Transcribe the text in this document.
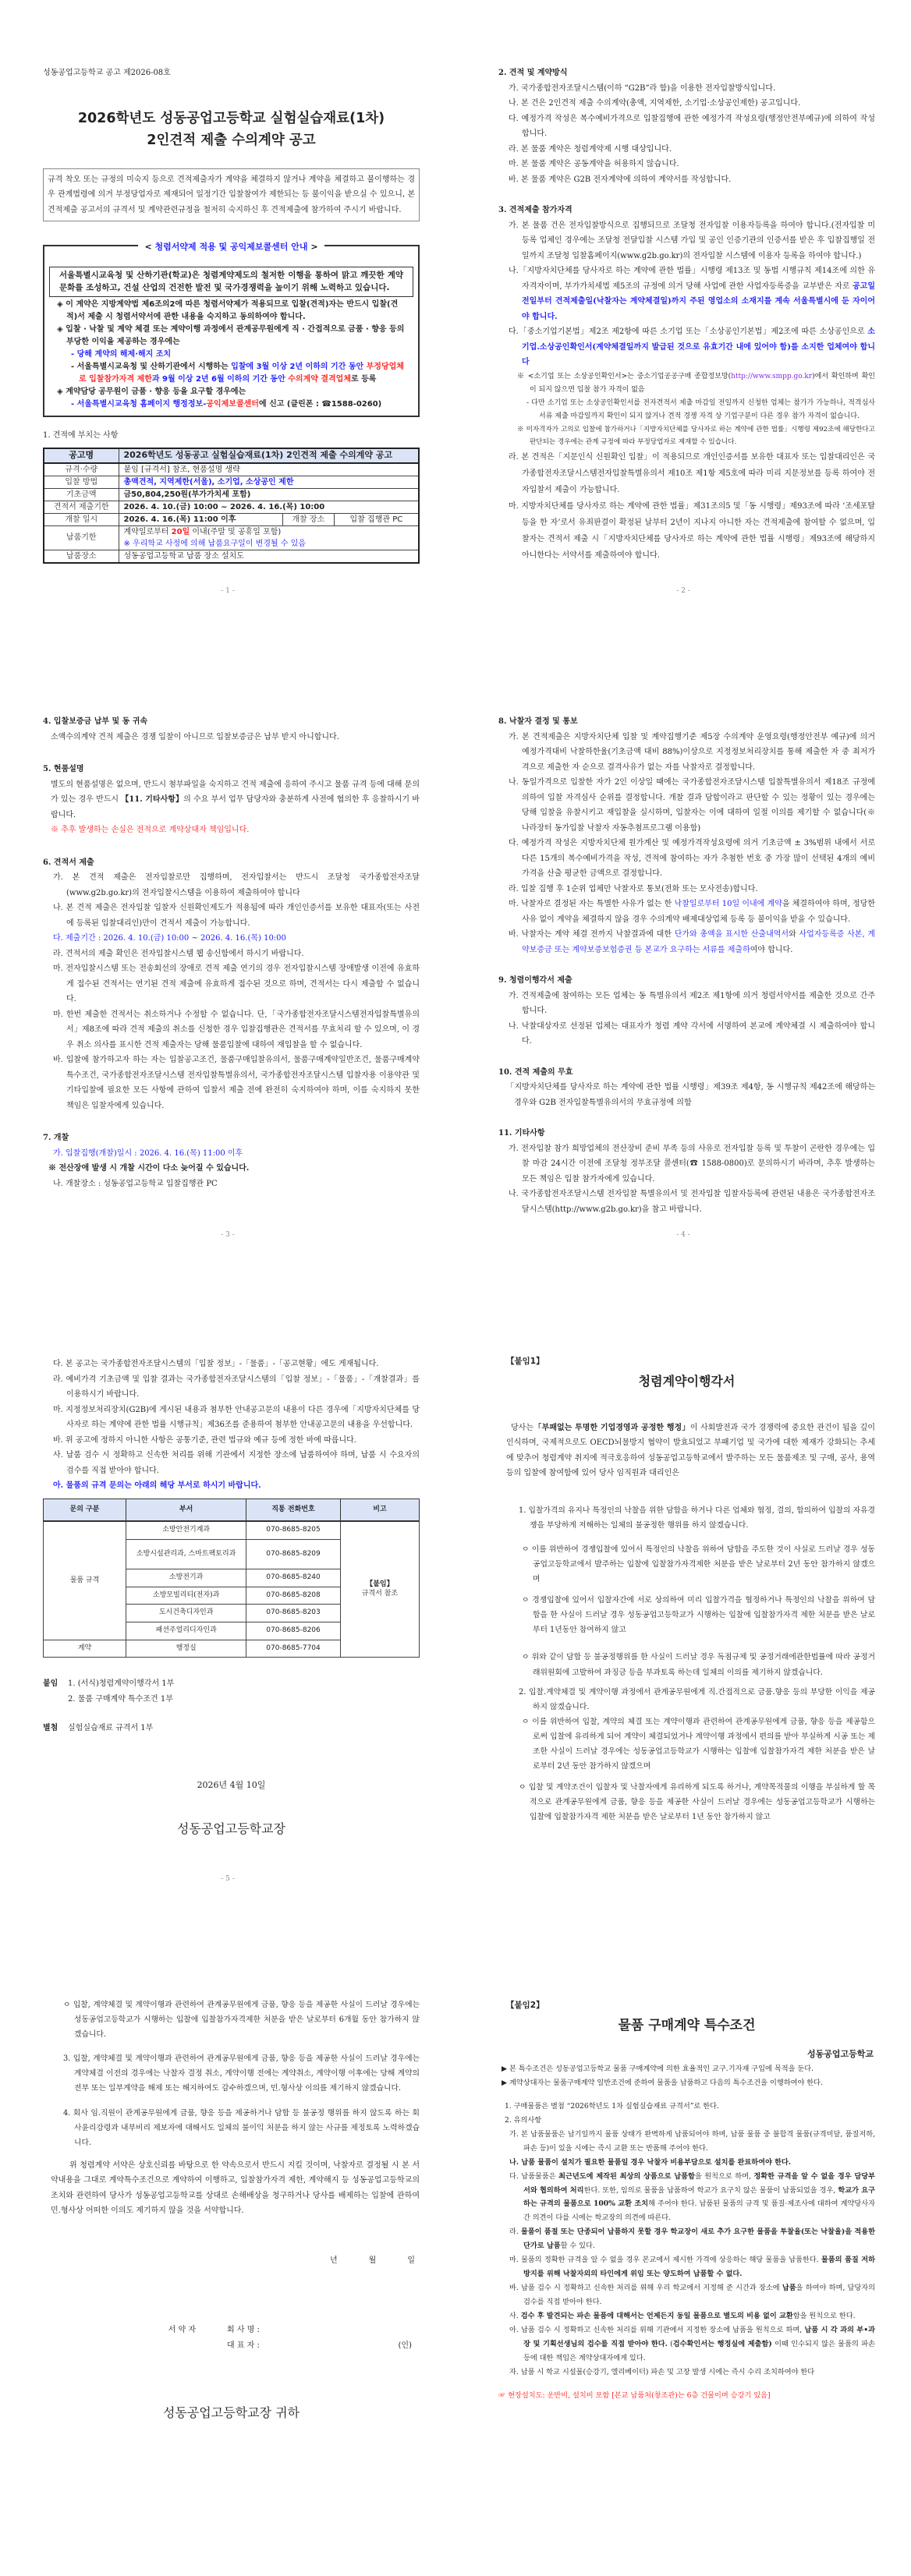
성동공업고등학교 공고 제2026-08호
2026학년도 성동공업고등학교 실험실습재료(1차)
2인견적 제출 수의계약 공고
규격 착오 또는 규정의 미숙지 등으로 견적제출자가 계약을 체결하지 않거나 계약을 체결하고 불이행하는 경우 관계법령에 의거 부정당업자로 제재되어 일정기간 입찰참여가 제한되는 등 불이익을 받으실 수 있으니, 본 견적제출 공고서의 규격서 및 계약관련규정을 철저히 숙지하신 후 견적제출에 참가하여 주시기 바랍니다.
< 청렴서약제 적용 및 공익제보콜센터 안내 >
서울특별시교육청 및 산하기관(학교)은 청렴계약제도의 철저한 이행을 통하여 맑고 깨끗한 계약문화를 조성하고, 건설 산업의 건전한 발전 및 국가경쟁력을 높이기 위해 노력하고 있습니다.
◈ 이 계약은 지방계약법 제6조의2에 따른 청렴서약제가 적용되므로 입찰(견적)자는 반드시 입찰(견적)서 제출 시 청렴서약서에 관한 내용을 숙지하고 동의하여야 합니다.
◈ 입찰 · 낙찰 및 계약 체결 또는 계약이행 과정에서 관계공무원에게 직 · 간접적으로 금품 · 향응 등의 부당한 이익을 제공하는 경우에는
- 당해 계약의 해제·해지 조치
- 서울특별시교육청 및 산하기관에서 시행하는 입찰에 3월 이상 2년 이하의 기간 동안 부정당업체로 입찰참가자격 제한과 9월 이상 2년 6월 이하의 기간 동안 수의계약 결격업체로 등록
◈ 계약담당 공무원이 금품 · 향응 등을 요구할 경우에는
- 서울특별시교육청 홈페이지 행정정보-공익제보콜센터에 신고 (클린폰 : ☎1588-0260)
1. 견적에 부치는 사항
공고명	2026학년도 성동공고 실험실습재료(1차) 2인견적 제출 수의계약 공고		
규격·수량	붙임 [규격서] 참조, 현품설명 생략		
입찰 방법	총액견적, 지역제한(서울), 소기업, 소상공인 제한		
기초금액	금50,804,250원(부가가치세 포함)		
견적서 제출기한	2026. 4. 10.(금) 10:00 ~ 2026. 4. 16.(목) 10:00		
개찰 일시	2026. 4. 16.(목) 11:00 이후	개찰 장소	입찰 집행관 PC
납품기한	계약일로부터 20일 이내(주말 및 공휴일 포함)
※ 우리학교 사정에 의해 납품요구일이 변경될 수 있음		

납품장소	성동공업고등학교 납품 장소 설치도		
- 1 -
2. 견적 및 계약방식
가. 국가종합전자조달시스템(이하 “G2B”라 함)을 이용한 전자입찰방식입니다.
나. 본 건은 2인견적 제출 수의계약(총액, 지역제한, 소기업·소상공인제한) 공고입니다.
다. 예정가격 작성은 복수예비가격으로 입찰집행에 관한 예정가격 작성요령(행정안전부예규)에 의하여 작성합니다.
라. 본 물품 계약은 청렴계약제 시행 대상입니다.
마. 본 물품 계약은 공동계약을 허용하지 않습니다.
바. 본 물품 계약은 G2B 전자계약에 의하여 계약서를 작성합니다.
3. 견적제출 참가자격
가. 본 물품 건은 전자입찰방식으로 집행되므로 조달청 전자입찰 이용자등록을 하여야 합니다.(전자입찰 미등록 업체인 경우에는 조달청 전달입찰 시스템 가입 및 공인 인증기관의 인증서를 받은 후 입찰집행일 전일까지 조달청 입찰홈페이지(www.g2b.go.kr)의 전자입찰 시스템에 이용자 등록을 하여야 합니다.)
나.「지방자치단체를 당사자로 하는 계약에 관한 법률」시행령 제13조 및 동법 시행규칙 제14조에 의한 유자격자이며, 부가가치세법 제5조의 규정에 의거 당해 사업에 관한 사업자등록증을 교부받은 자로 공고일 전일부터 견적제출일(낙찰자는 계약체결일)까지 주된 영업소의 소재지를 계속 서울특별시에 둔 자이어야 합니다.
다.「중소기업기본법」제2조 제2항에 따른 소기업 또는「소상공인기본법」제2조에 따른 소상공인으로 소기업.소상공인확인서(계약체결일까지 발급된 것으로 유효기간 내에 있어야 함)를 소지한 업체여야 합니다
※ <소기업 또는 소상공인확인서>는 중소기업공공구매 종합정보망(http://www.smpp.go.kr)에서 확인하며 확인이 되지 않으면 입찰 참가 자격이 없음
- 다만 소기업 또는 소상공인확인서를 전자견적서 제출 마감일 전일까지 신청한 업체는 참가가 가능하나, 적격심사 서류 제출 마감일까지 확인이 되지 않거나 견적 경쟁 자격 상 기업구분이 다른 경우 참가 자격이 없습니다.
※ 미자격자가 고의로 입찰에 참가하거나「지방자치단체를 당사자로 하는 계약에 관한 법률」시행령 제92조에 해당한다고 판단되는 경우에는 관계 규정에 따라 부정당업자로 제재할 수 있습니다.
라. 본 견적은「지문인식 신원확인 입찰」이 적용되므로 개인인증서를 보유한 대표자 또는 입찰대리인은 국가종합전자조달시스템전자입찰특별유의서 제10조 제1항 제5호에 따라 미리 지문정보를 등록 하여야 전자입찰서 제출이 가능합니다.
마. 지방자치단체를 당사자로 하는 계약에 관한 법률」제31조의5 및「동 시행령」제93조에 따라 ‘조세포탈 등을 한 자’로서 유죄판결이 확정된 날부터 2년이 지나지 아니한 자는 견적제출에 참여할 수 없으며, 입찰자는 견적서 제출 시「지방자치단체를 당사자로 하는 계약에 관한 법률 시행령」제93조에 해당하지 아니한다는 서약서를 제출하여야 합니다.
- 2 -
4. 입찰보증금 납부 및 동 귀속
소액수의계약 견적 제출은 경쟁 입찰이 아니므로 입찰보증금은 납부 받지 아니합니다.
5. 현품설명
별도의 현품설명은 없으며, 반드시 첨부파일을 숙지하고 견적 제출에 응하여 주시고 물품 규격 등에 대해 문의가 있는 경우 반드시 【11. 기타사항】의 수요 부서 업무 담당자와 충분하게 사전에 협의한 후 응찰하시기 바랍니다.
※ 추후 발생하는 손실은 전적으로 계약상대자 책임입니다.
6. 견적서 제출
가. 본 견적 제출은 전자입찰로만 집행하며, 전자입찰서는 반드시 조달청 국가종합전자조달(www.g2b.go.kr)의 전자입찰시스템을 이용하여 제출하여야 합니다
나. 본 견적 제출은 전자입찰 입찰자 신원확인제도가 적용됨에 따라 개인인증서를 보유한 대표자(또는 사전에 등록된 입찰대리인)만이 견적서 제출이 가능합니다.
다. 제출기간 : 2026. 4. 10.(금) 10:00 ~ 2026. 4. 16.(목) 10:00
라. 견적서의 제출 확인은 전자입찰시스템 웹 송신함에서 하시기 바랍니다.
마. 전자입찰시스템 또는 전송회선의 장애로 견적 제출 연기의 경우 전자입찰시스템 장애발생 이전에 유효하게 접수된 견적서는 연기된 견적 제출에 유효하게 접수된 것으로 하며, 견적서는 다시 제출할 수 없습니다.
마. 한번 제출한 견적서는 취소하거나 수정할 수 없습니다. 단,「국가종합전자조달시스템전자입찰특별유의서」제8조에 따라 견적 제출의 취소를 신청한 경우 입찰집행관은 견적서를 무효처리 할 수 있으며, 이 경우 취소 의사를 표시한 견적 제출자는 당해 물품입찰에 대하여 재입찰을 할 수 없습니다.
바. 입찰에 참가하고자 하는 자는 입찰공고조건, 물품구매입찰유의서, 물품구매계약일반조건, 물품구매계약특수조건, 국가종합전자조달시스템 전자입찰특별유의서, 국가종합전자조달시스템 입찰자용 이용약관 및 기타입찰에 필요한 모든 사항에 관하여 입찰서 제출 전에 완전히 숙지하여야 하며, 이를 숙지하지 못한 책임은 입찰자에게 있습니다.
7. 개찰
가. 입찰집행(개찰)일시 : 2026. 4. 16.(목) 11:00 이후
※ 전산장애 발생 시 개찰 시간이 다소 늦어질 수 있습니다.
나. 개찰장소 : 성동공업고등학교 입찰집행관 PC
- 3 -
8. 낙찰자 결정 및 통보
가. 본 견적제출은 지방자치단체 입찰 및 계약집행기준 제5장 수의계약 운영요령(행정안전부 예규)에 의거 예정가격대비 낙찰하한율(기초금액 대비 88%)이상으로 지정정보처리장치를 통해 제출한 자 중 최저가격으로 제출한 자 순으로 결격사유가 없는 자를 낙찰자로 결정합니다.
나. 동일가격으로 입찰한 자가 2인 이상일 때에는 국가종합전자조달시스템 입찰특별유의서 제18조 규정에 의하여 입찰 자격심사 순위를 결정합니다. 개찰 결과 담합이라고 판단할 수 있는 정황이 있는 경우에는 당해 입찰을 유찰시키고 재입찰을 실시하며, 입찰자는 이에 대하여 일절 이의를 제기할 수 없습니다(※ 나라장터 동가입찰 낙찰자 자동추첨프로그램 이용함)
다. 예정가격 작성은 지방자치단체 원가계산 및 예정가격작성요령에 의거 기초금액 ± 3%범위 내에서 서로 다른 15개의 복수예비가격을 작성, 견적에 참여하는 자가 추첨한 번호 중 가장 많이 선택된 4개의 예비가격을 산출 평균한 금액으로 결정합니다.
라. 입찰 집행 후 1순위 업체만 낙찰자로 통보(전화 또는 모사전송)합니다.
마. 낙찰자로 결정된 자는 특별한 사유가 없는 한 낙찰일로부터 10일 이내에 계약을 체결하여야 하며, 정당한 사유 없이 계약을 체결하지 않을 경우 수의계약 배제대상업체 등록 등 불이익을 받을 수 있습니다.
바. 낙찰자는 계약 체결 전까지 낙찰결과에 대한 단가와 총액을 표시한 산출내역서와 사업자등록증 사본, 계약보증금 또는 계약보증보험증권 등 본교가 요구하는 서류를 제출하여야 합니다.
9. 청렴이행각서 제출
가. 견적제출에 참여하는 모든 업체는 동 특별유의서 제2조 제1항에 의거 청렴서약서를 제출한 것으로 간주합니다.
나. 낙찰대상자로 선정된 업체는 대표자가 청렴 계약 각서에 서명하여 본교에 계약체결 시 제출하여야 합니다.
10. 견적 제출의 무효
「지방자치단체를 당사자로 하는 계약에 관한 법률 시행령」제39조 제4항, 동 시행규칙 제42조에 해당하는 경우와 G2B 전자입찰특별유의서의 무효규정에 의함
11. 기타사항
가. 전자입찰 참가 희망업체의 전산장비 준비 부족 등의 사유로 전자입찰 등록 및 투찰이 곤란한 경우에는 입찰 마감 24시간 이전에 조달청 정부조달 콜센터(☎ 1588-0800)로 문의하시기 바라며, 추후 발생하는 모든 책임은 입찰 참가자에게 있습니다.
나. 국가종합전자조달시스템 전자입찰 특별유의서 및 전자입찰 입찰자등록에 관련된 내용은 국가종합전자조달시스템(http://www.g2b.go.kr)을 참고 바랍니다.
- 4 -
다. 본 공고는 국가종합전자조달시스템의「입찰 정보」-「물품」-「공고현황」에도 게재됩니다.
라. 예비가격 기초금액 및 입찰 결과는 국가종합전자조달시스템의「입찰 정보」-「물품」-「개찰결과」를 이용하시기 바랍니다.
마. 지정정보처리장치(G2B)에 게시된 내용과 첨부한 안내공고문의 내용이 다른 경우에「지방자치단체를 당사자로 하는 계약에 관한 법률 시행규칙」제36조를 준용하여 첨부한 안내공고문의 내용을 우선합니다.
바. 위 공고에 정하지 아니한 사항은 공통기준, 관련 법규와 예규 등에 정한 바에 따릅니다.
사. 납품 검수 시 정확하고 신속한 처리를 위해 기관에서 지정한 장소에 납품하여야 하며, 납품 시 수요자의 검수를 직접 받아야 합니다.
아. 물품의 규격 문의는 아래의 해당 부서로 하시기 바랍니다.
문의 구분	부서	직통 전화번호	비고
물품 규격	소방안전기계과	070-8685-8205	【붙임】
규격서 참조

	소방시설관리과, 스마트팩토리과	070-8685-8209	
	소방전기과	070-8685-8240	
	소방모빌리티(전자)과	070-8685-8208	
	도시건축디자인과	070-8685-8203	
	패션주얼리디자인과	070-8685-8206	
계약	행정실	070-8685-7704	
붙임	1. (서식)청렴계약이행각서 1부
2. 물품 구매계약 특수조건 1부
별첨	실험실습재료 규격서 1부
2026년 4월 10일
성동공업고등학교장
- 5 -
【붙임1】
청렴계약이행각서
당사는「부패없는 투명한 기업경영과 공정한 행정」이 사회발전과 국가 경쟁력에 중요한 관건이 됨을 깊이 인식하며, 국제적으로도 OECD뇌물방지 협약이 발효되었고 부패기업 및 국가에 대한 제재가 강화되는 추세에 맞추어 청렴계약 취지에 적극호응하여 성동공업고등학교에서 발주하는 모든 물품제조 및 구매, 공사, 용역 등의 입찰에 참여함에 있어 당사 임직원과 대리인은
1. 입찰가격의 유지나 특정인의 낙찰을 위한 담합을 하거나 다른 업체와 협정, 결의, 합의하여 입찰의 자유경쟁을 부당하게 저해하는 일체의 불공정한 행위를 하지 않겠습니다.
ㅇ 이를 위반하여 경쟁입찰에 있어서 특정인의 낙찰을 위하여 담합을 주도한 것이 사실로 드러날 경우 성동공업고등학교에서 발주하는 입찰에 입찰참가자격제한 처분을 받은 날로부터 2년 동안 참가하지 않겠으며
ㅇ 경쟁입찰에 있어서 입찰자간에 서로 상의하여 미리 입찰가격을 협정하거나 특정인의 낙찰을 위하여 담합을 한 사실이 드러날 경우 성동공업고등학교가 시행하는 입찰에 입찰참가자격 제한 처분을 받은 날로부터 1년동안 참여하지 않고
ㅇ 위와 같이 담합 등 불공정행위를 한 사실이 드러날 경우 독점규제 및 공정거래에관한법률에 따라 공정거래위원회에 고발하여 과징금 등을 부과토록 하는데 일체의 이의를 제기하지 않겠습니다.
2. 입찰.계약체결 및 계약이행 과정에서 관계공무원에게 직.간접적으로 금품.향응 등의 부당한 이익을 제공하지 않겠습니다.
ㅇ 이를 위반하여 입찰, 계약의 체결 또는 계약이행과 관련하여 관계공무원에게 금품, 향응 등을 제공함으로써 입찰에 유리하게 되어 계약이 체결되었거나 계약이행 과정에서 편의를 받아 부실하게 시공 또는 제조한 사실이 드러날 경우에는 성동공업고등학교가 시행하는 입찰에 입찰참가자격 제한 처분을 받은 날로부터 2년 동안 참가하지 않겠으며
ㅇ 입찰 및 계약조건이 입찰자 및 낙찰자에게 유리하게 되도록 하거나, 계약목적물의 이행을 부실하게 할 목적으로 관계공무원에게 금품, 향응 등을 제공한 사실이 드러날 경우에는 성동공업고등학교가 시행하는 입찰에 입찰참가자격 제한 처분을 받은 날로부터 1년 동안 참가하지 않고
ㅇ 입찰, 계약체결 및 계약이행과 관련하여 관계공무원에게 금품, 향응 등을 제공한 사실이 드러날 경우에는 성동공업고등학교가 시행하는 입찰에 입찰참가자격제한 처분을 받은 날로부터 6개월 동안 참가하지 않겠습니다.
3. 입찰, 계약체결 및 계약이행과 관련하여 관계공무원에게 금품, 향응 등을 제공한 사실이 드러날 경우에는 계약체결 이전의 경우에는 낙찰자 결정 취소, 계약이행 전에는 계약취소, 계약이행 이후에는 당해 계약의 전부 또는 일부계약을 해제 또는 해지하여도 감수하겠으며, 민.형사상 이의를 제기하지 않겠습니다.
4. 회사 임.직원이 관계공무원에게 금품, 향응 등을 제공하거나 담합 등 불공정 행위를 하지 않도록 하는 회사윤리강령과 내부비리 제보자에 대해서도 일체의 불이익 처분을 하지 않는 사규를 제정토록 노력하겠습니다.
위 청렴계약 서약은 상호신뢰를 바탕으로 한 약속으로서 반드시 지킬 것이며, 낙찰자로 결정될 시 본 서약내용을 그대로 계약특수조건으로 계약하여 이행하고, 입찰참가자격 제한, 계약해지 등 성동공업고등학교의 조치와 관련하여 당사가 성동공업고등학교를 상대로 손해배상을 청구하거나 당사를 배제하는 입찰에 관하여 민.형사상 어떠한 이의도 제기하지 않을 것을 서약합니다.
년	월	일
서 약 자	회 사 명 :
대 표 자 :	(인)
성동공업고등학교장 귀하
【붙임2】
물품 구매계약 특수조건
성동공업고등학교
▶ 본 특수조건은 성동공업고등학교 물품 구매계약에 의한 효율적인 교구.기자재 구입에 목적을 둔다.
▶ 계약상대자는 물품구매계약 일반조건에 준하여 물품을 납품하고 다음의 특수조건을 이행하여야 한다.
1. 구매물품은 별첨 “2026학년도 1차 실험실습재료 규격서”로 한다.
2. 유의사항
가. 본 납품물품은 납기일까지 물품 상태가 완벽하게 납품되어야 하며, 납품 물품 중 불합격 물품(규격미달, 품질저하, 파손 등)이 있을 시에는 즉시 교환 또는 반품해 주어야 한다.
나. 납품 물품이 설치가 필요한 물품일 경우 낙찰자 비용부담으로 설치를 완료하여야 한다.
다. 납품물품은 최근년도에 제작된 최상의 상품으로 납품함을 원칙으로 하며, 정확한 규격을 알 수 없을 경우 담당부서와 협의하여 처리한다. 또한, 임의로 물품을 납품하여 학교가 요구치 않은 물품이 납품되었을 경우, 학교가 요구하는 규격의 물품으로 100% 교환 조치해 주어야 한다. 납품된 물품의 규격 및 품질·제조사에 대하여 계약당사자간 의견이 다를 시에는 학교장의 의견에 따른다.
라. 물품이 품절 또는 단종되어 납품하지 못할 경우 학교장이 새로 추가 요구한 물품을 투찰율(또는 낙찰율)을 적용한 단가로 납품할 수 있다.
마. 물품의 정확한 규격을 알 수 없을 경우 본교에서 제시한 가격에 상응하는 해당 물품을 납품한다. 물품의 품질 저하 방지를 위해 낙찰자외의 타인에게 위임 또는 양도하여 납품할 수 없다.
바. 납품 검수 시 정확하고 신속한 처리를 위해 우리 학교에서 지정해 준 시간과 장소에 납품을 하여야 하며, 담당자의 검수를 직접 받아야 한다.
사. 검수 후 발견되는 파손 물품에 대해서는 언제든지 동일 물품으로 별도의 비용 없이 교환함을 원칙으로 한다.
아. 납품 검수 시 정확하고 신속한 처리를 위해 기관에서 지정한 장소에 납품을 원칙으로 하며, 납품 시 각 과의 부•과장 및 기획선생님의 검수를 직접 받아야 한다. (검수확인서는 행정실에 제출함) 이때 인수되지 않은 물품의 파손 등에 대한 책임은 계약상대자에게 있다.
자. 납품 시 학교 시설물(승강기, 엘리베이터) 파손 및 고장 발생 시에는 즉시 수리 조치하여야 한다
☞ 현장설치도: 운반비, 설치비 포함 [본교 납품처(창조관)는 6층 건물이며 승강기 있음]
